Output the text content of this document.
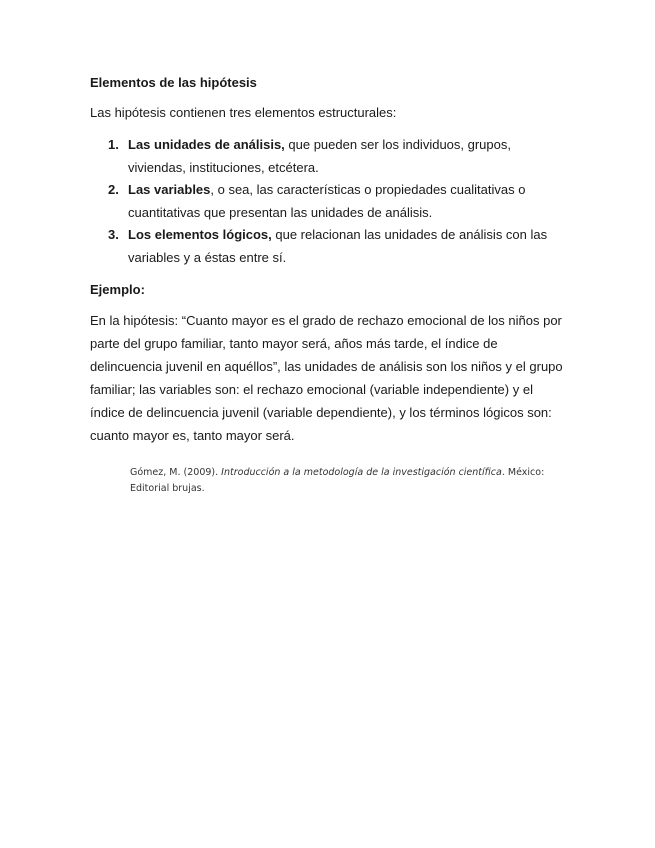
Elementos de las hipótesis

Las hipótesis contienen tres elementos estructurales:

1. Las unidades de análisis, que pueden ser los individuos, grupos, viviendas, instituciones, etcétera.
2. Las variables, o sea, las características o propiedades cualitativas o cuantitativas que presentan las unidades de análisis.
3. Los elementos lógicos, que relacionan las unidades de análisis con las variables y a éstas entre sí.

Ejemplo:

En la hipótesis: “Cuanto mayor es el grado de rechazo emocional de los niños por parte del grupo familiar, tanto mayor será, años más tarde, el índice de delincuencia juvenil en aquéllos”, las unidades de análisis son los niños y el grupo familiar; las variables son: el rechazo emocional (variable independiente) y el índice de delincuencia juvenil (variable dependiente), y los términos lógicos son: cuanto mayor es, tanto mayor será.

Gómez, M. (2009). Introducción a la metodología de la investigación científica. México: Editorial brujas.
